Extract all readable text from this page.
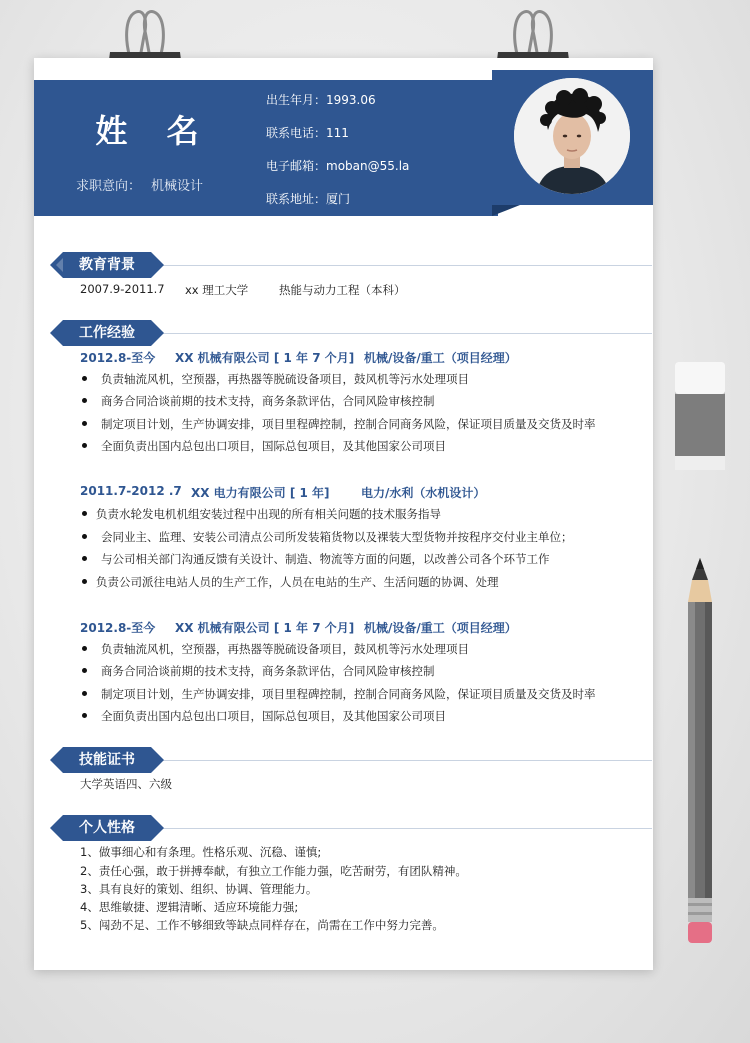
姓 名
求职意向： 机械设计
出生年月：1993.06
联系电话：111
电子邮箱：moban@55.la
联系地址：厦门
教育背景
2007.9-2011.7 xx 理工大学	热能与动力工程（本科）
工作经验
2012.8-至今 XX 机械有限公司 [ 1 年 7 个月] 机械/设备/重工（项目经理）
负责轴流风机，空预器，再热器等脱硫设备项目，鼓风机等污水处理项目
商务合同洽谈前期的技术支持，商务条款评估，合同风险审核控制
制定项目计划，生产协调安排，项目里程碑控制，控制合同商务风险，保证项目质量及交货及时率
全面负责出国内总包出口项目，国际总包项目，及其他国家公司项目
2011.7-2012 .7 XX 电力有限公司 [ 1 年]	电力/水利（水机设计）
负责水轮发电机机组安装过程中出现的所有相关问题的技术服务指导
会同业主、监理、安装公司清点公司所发装箱货物以及裸装大型货物并按程序交付业主单位；
与公司相关部门沟通反馈有关设计、制造、物流等方面的问题，以改善公司各个环节工作
负责公司派往电站人员的生产工作，人员在电站的生产、生活问题的协调、处理
2012.8-至今 XX 机械有限公司 [ 1 年 7 个月] 机械/设备/重工（项目经理）
负责轴流风机，空预器，再热器等脱硫设备项目，鼓风机等污水处理项目
商务合同洽谈前期的技术支持，商务条款评估，合同风险审核控制
制定项目计划，生产协调安排，项目里程碑控制，控制合同商务风险，保证项目质量及交货及时率
全面负责出国内总包出口项目，国际总包项目，及其他国家公司项目
技能证书
大学英语四、六级
个人性格
1、做事细心和有条理。性格乐观、沉稳、谨慎;
2、责任心强，敢于拼搏奉献，有独立工作能力强，吃苦耐劳，有团队精神。
3、具有良好的策划、组织、协调、管理能力。
4、思维敏捷、逻辑清晰、适应环境能力强;
5、闯劲不足、工作不够细致等缺点同样存在，尚需在工作中努力完善。
